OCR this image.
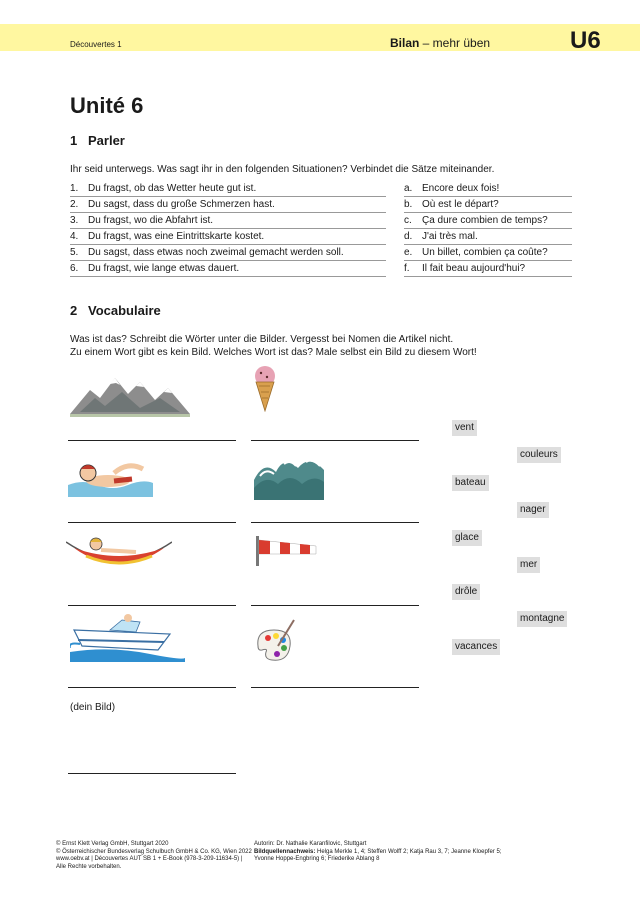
Découvertes 1	Bilan – mehr üben	U6
Unité 6
1 Parler
Ihr seid unterwegs. Was sagt ihr in den folgenden Situationen? Verbindet die Sätze miteinander.
1. Du fragst, ob das Wetter heute gut ist.
2. Du sagst, dass du große Schmerzen hast.
3. Du fragst, wo die Abfahrt ist.
4. Du fragst, was eine Eintrittskarte kostet.
5. Du sagst, dass etwas noch zweimal gemacht werden soll.
6. Du fragst, wie lange etwas dauert.
a. Encore deux fois!
b. Où est le départ?
c. Ça dure combien de temps?
d. J'ai très mal.
e. Un billet, combien ça coûte?
f. Il fait beau aujourd'hui?
2 Vocabulaire
Was ist das? Schreibt die Wörter unter die Bilder. Vergesst bei Nomen die Artikel nicht.
Zu einem Wort gibt es kein Bild. Welches Wort ist das? Male selbst ein Bild zu diesem Wort!
(dein Bild)
vent
couleurs
bateau
nager
glace
mer
drôle
montagne
vacances
© Ernst Klett Verlag GmbH, Stuttgart 2020
© Österreichischer Bundesverlag Schulbuch GmbH & Co. KG, Wien 2022
www.oebv.at | Découvertes AUT SB 1 + E-Book (978-3-209-11634-5) |
Alle Rechte vorbehalten.
Autorin: Dr. Nathalie Karanfilovic, Stuttgart
Bildquellennachweis: Helga Merkle 1, 4; Steffen Wolff 2; Katja Rau 3, 7; Jeanne Kloepfer 5;
Yvonne Hoppe-Engbring 6; Friederike Ablang 8
